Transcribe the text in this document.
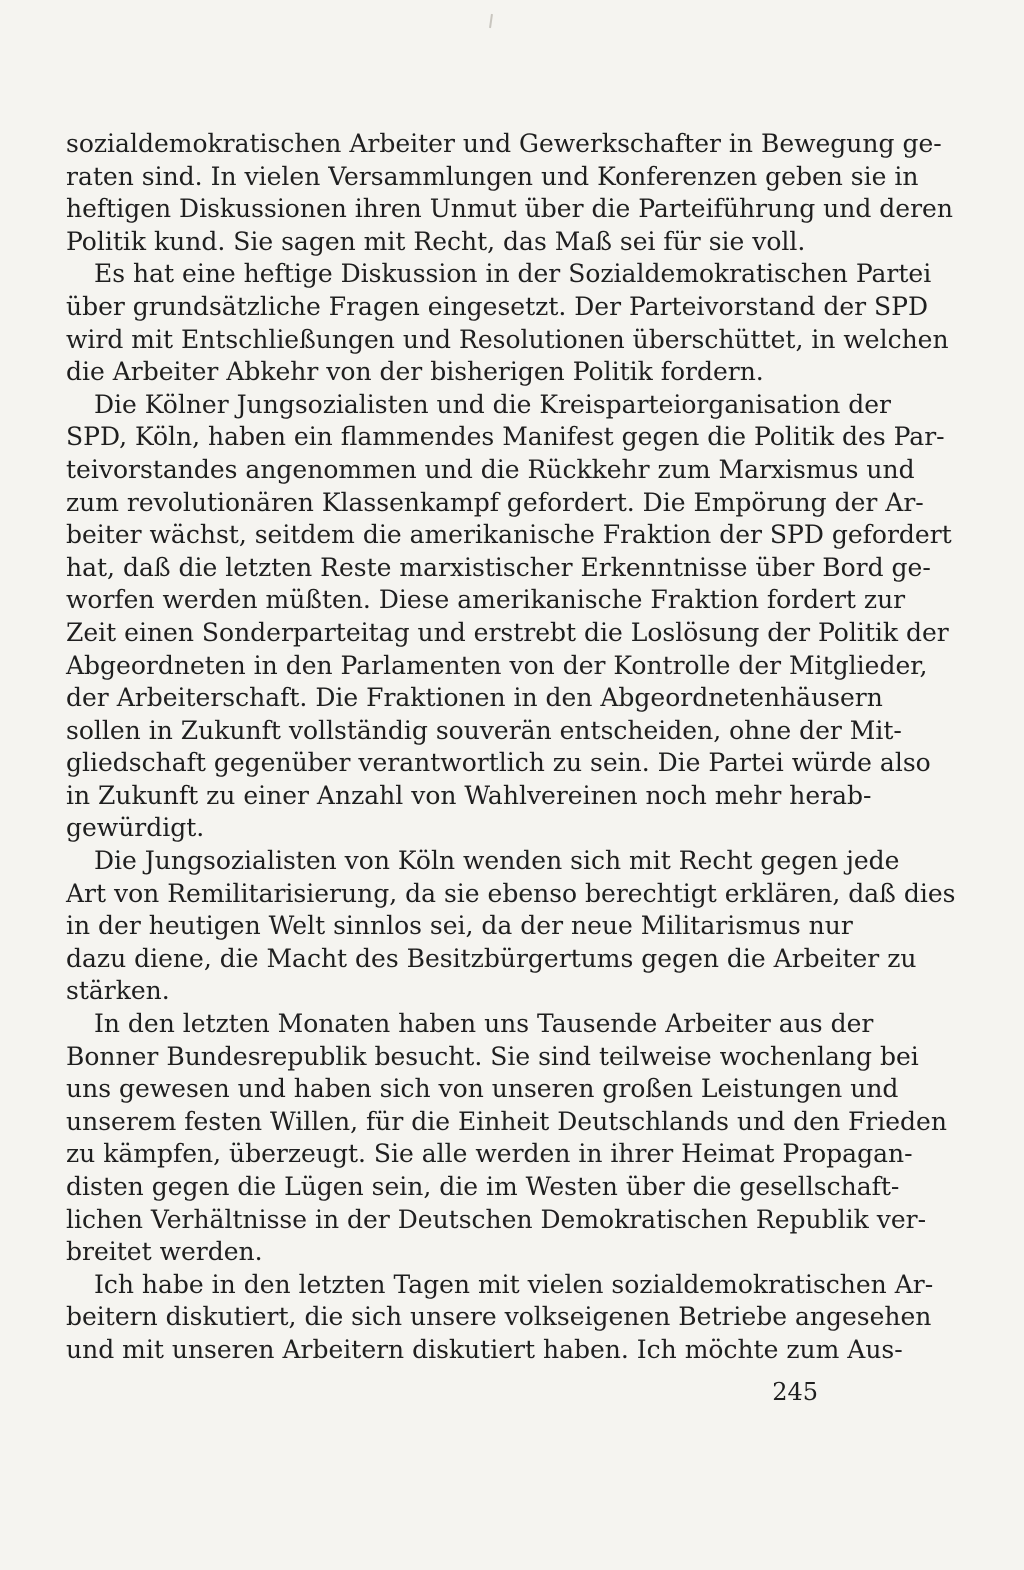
sozialdemokratischen Arbeiter und Gewerkschafter in Bewegung ge-
raten sind. In vielen Versammlungen und Konferenzen geben sie in
heftigen Diskussionen ihren Unmut über die Parteiführung und deren
Politik kund. Sie sagen mit Recht, das Maß sei für sie voll.
Es hat eine heftige Diskussion in der Sozialdemokratischen Partei
über grundsätzliche Fragen eingesetzt. Der Parteivorstand der SPD
wird mit Entschließungen und Resolutionen überschüttet, in welchen
die Arbeiter Abkehr von der bisherigen Politik fordern.
Die Kölner Jungsozialisten und die Kreisparteiorganisation der
SPD, Köln, haben ein flammendes Manifest gegen die Politik des Par-
teivorstandes angenommen und die Rückkehr zum Marxismus und
zum revolutionären Klassenkampf gefordert. Die Empörung der Ar-
beiter wächst, seitdem die amerikanische Fraktion der SPD gefordert
hat, daß die letzten Reste marxistischer Erkenntnisse über Bord ge-
worfen werden müßten. Diese amerikanische Fraktion fordert zur
Zeit einen Sonderparteitag und erstrebt die Loslösung der Politik der
Abgeordneten in den Parlamenten von der Kontrolle der Mitglieder,
der Arbeiterschaft. Die Fraktionen in den Abgeordnetenhäusern
sollen in Zukunft vollständig souverän entscheiden, ohne der Mit-
gliedschaft gegenüber verantwortlich zu sein. Die Partei würde also
in Zukunft zu einer Anzahl von Wahlvereinen noch mehr herab-
gewürdigt.
Die Jungsozialisten von Köln wenden sich mit Recht gegen jede
Art von Remilitarisierung, da sie ebenso berechtigt erklären, daß dies
in der heutigen Welt sinnlos sei, da der neue Militarismus nur
dazu diene, die Macht des Besitzbürgertums gegen die Arbeiter zu
stärken.
In den letzten Monaten haben uns Tausende Arbeiter aus der
Bonner Bundesrepublik besucht. Sie sind teilweise wochenlang bei
uns gewesen und haben sich von unseren großen Leistungen und
unserem festen Willen, für die Einheit Deutschlands und den Frieden
zu kämpfen, überzeugt. Sie alle werden in ihrer Heimat Propagan-
disten gegen die Lügen sein, die im Westen über die gesellschaft-
lichen Verhältnisse in der Deutschen Demokratischen Republik ver-
breitet werden.
Ich habe in den letzten Tagen mit vielen sozialdemokratischen Ar-
beitern diskutiert, die sich unsere volkseigenen Betriebe angesehen
und mit unseren Arbeitern diskutiert haben. Ich möchte zum Aus-
245
